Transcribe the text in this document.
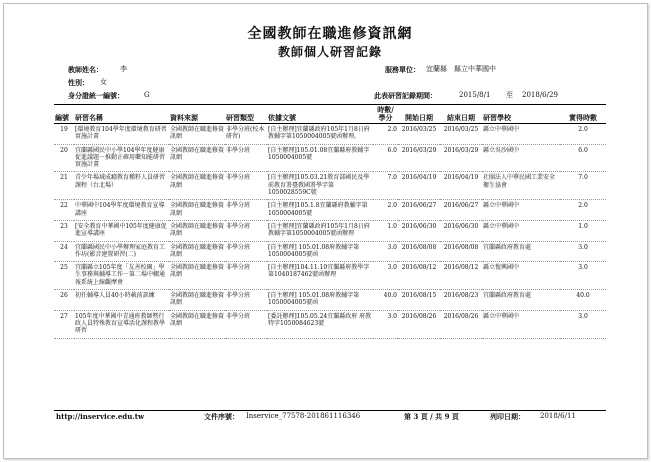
全國教師在職進修資訊網
教師個人研習記錄
教師姓名： 李	服務單位： 宜蘭縣　縣立中華國中
性別： 女
身分證統一編號：	G	此表研習記錄期間：	2015/8/1 至 2018/6/29
編號	研習名稱	資料來源	研習類型	依據文號	時數/學分	開始日期	結束日期	研習學校	實得時數
19	[環境教育104學年度環境教育研習實施計畫	全國教師在職進修資訊網	非學分班(校本研習)	[自主辦理]宜蘭縣政府105年1月8日府教輔字第1050004005號函辦理。	2.0	2016/03/25	2016/03/25	縣立中華國中	2.0
20	宜蘭縣國民中小學104學年度健康促進議題－推動正確用藥知能研習實施計畫	全國教師在職進修資訊網	非學分班	[自主辦理]105.01.08宜蘭縣府教輔字1050004005號	6.0	2016/03/29	2016/03/29	縣立吳沙國中	6.0
21	青少年場域成癮教育種籽人員研習課程（台北場）	全國教師在職進修資訊網	非學分班	[自主辦理]105.03.21教育部國民及學前教育署臺教國署學字第1050028559C號	7.0	2016/04/19	2016/04/19	社團法人中華民國工業安全衛生協會	7.0
22	中華國中104學年度環境教育宣導講座	全國教師在職進修資訊網	非學分班	[自主辦理]105.1.8宜蘭縣府教輔字第1050004005號	2.0	2016/06/27	2016/06/27	縣立中華國中	2.0
23	[安全教育中華國中105年度健康促進宣導講座	全國教師在職進修資訊網	非學分班	[自主辦理]宜蘭縣政府105年1月8日府教輔字第1050004005號函辦理	1.0	2016/06/30	2016/06/30	縣立中華國中	1.0
24	宜蘭縣國民中小學辦理家庭教育工作坊(影音建置研習(二)	全國教師在職進修資訊網	非學分班	[自主辦理] 105.01.08府教輔字第1050004005號函	3.0	2016/08/08	2016/08/08	宜蘭縣政府教育處	3.0
25	宜蘭縣立105年度「友善校園」學生事務與輔導工作－第二場中輟通報系統上線觀摩會	全國教師在職進修資訊網	非學分班	[自主辦理]104.11.10宜蘭縣府教學字第1040187462號函辦理	3.0	2016/08/12	2016/08/12	縣立復興國中	3.0
26	初任輔導人員40小時載前訓練	全國教師在職進修資訊網	非學分班	[自主辦理] 105.01.08府教輔字第1050004005號函	40.0	2016/08/15	2016/08/23	宜蘭縣政府教育處	40.0
27	105年度中華國中青通班教師暨行政人員特殊教育宣導活化課程教學研習	全國教師在職進修資訊網	非學分班	[委託辦理]105.05.24宜蘭縣政府 府教特字1050084623號	3.0	2016/08/26	2016/08/26	縣立中華國中	3.0
http://inservice.edu.tw	文件序號： Inservice_77578-201861116346	第 3 頁 / 共 9 頁	列印日期： 2018/6/11
